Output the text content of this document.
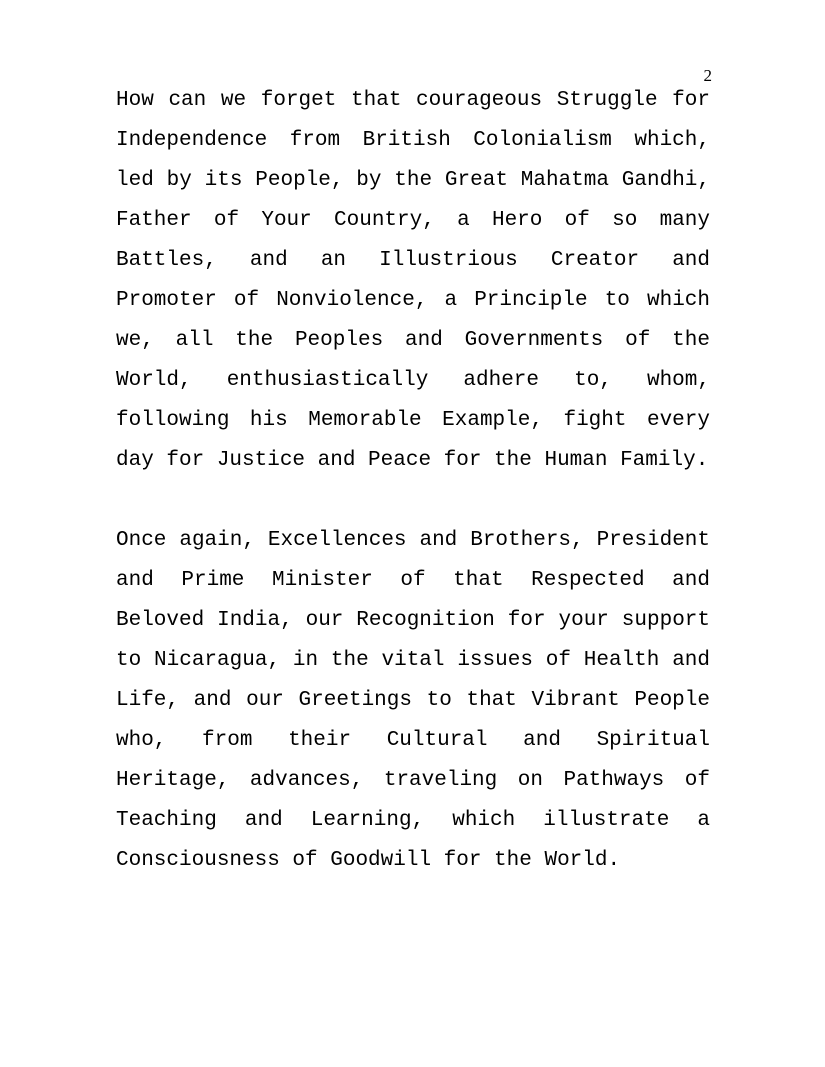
2

How can we forget that courageous Struggle for Independence from British Colonialism which, led by its People, by the Great Mahatma Gandhi, Father of Your Country, a Hero of so many Battles, and an Illustrious Creator and Promoter of Nonviolence, a Principle to which we, all the Peoples and Governments of the World, enthusiastically adhere to, whom, following his Memorable Example, fight every day for Justice and Peace for the Human Family.

Once again, Excellences and Brothers, President and Prime Minister of that Respected and Beloved India, our Recognition for your support to Nicaragua, in the vital issues of Health and Life, and our Greetings to that Vibrant People who, from their Cultural and Spiritual Heritage, advances, traveling on Pathways of Teaching and Learning, which illustrate a Consciousness of Goodwill for the World.
